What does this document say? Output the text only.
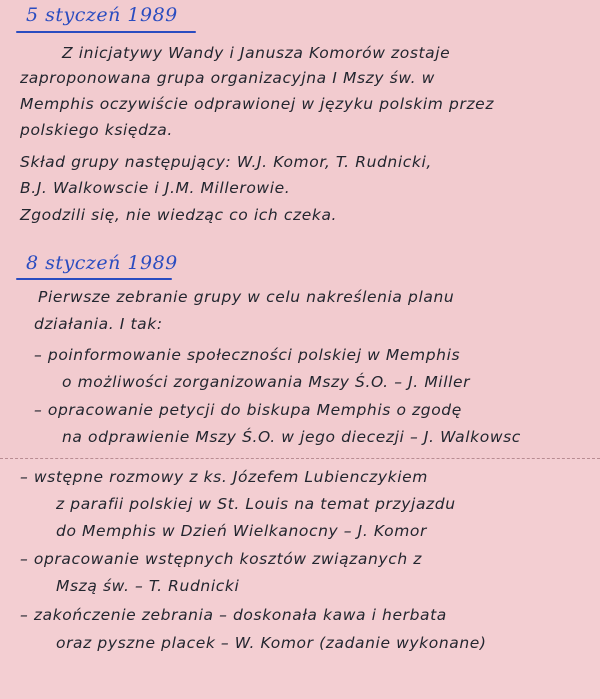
5 styczeń 1989
Z inicjatywy Wandy i Janusza Komorów zostaje
zaproponowana grupa organizacyjna I Mszy św. w
Memphis oczywiście odprawionej w języku polskim przez
polskiego księdza.
Skład grupy następujący: W.J. Komor, T. Rudnicki,
B.J. Walkowscie i J.M. Millerowie.
Zgodzili się, nie wiedząc co ich czeka.
8 styczeń 1989
Pierwsze zebranie grupy w celu nakreślenia planu
działania. I tak:
– poinformowanie społeczności polskiej w Memphis
o możliwości zorganizowania Mszy Ś.O. – J. Miller
– opracowanie petycji do biskupa Memphis o zgodę
na odprawienie Mszy Ś.O. w jego diecezji – J. Walkowsc
– wstępne rozmowy z ks. Józefem Lubienczykiem
z parafii polskiej w St. Louis na temat przyjazdu
do Memphis w Dzień Wielkanocny – J. Komor
– opracowanie wstępnych kosztów związanych z
Mszą św. – T. Rudnicki
– zakończenie zebrania – doskonała kawa i herbata
oraz pyszne placek – W. Komor (zadanie wykonane)
